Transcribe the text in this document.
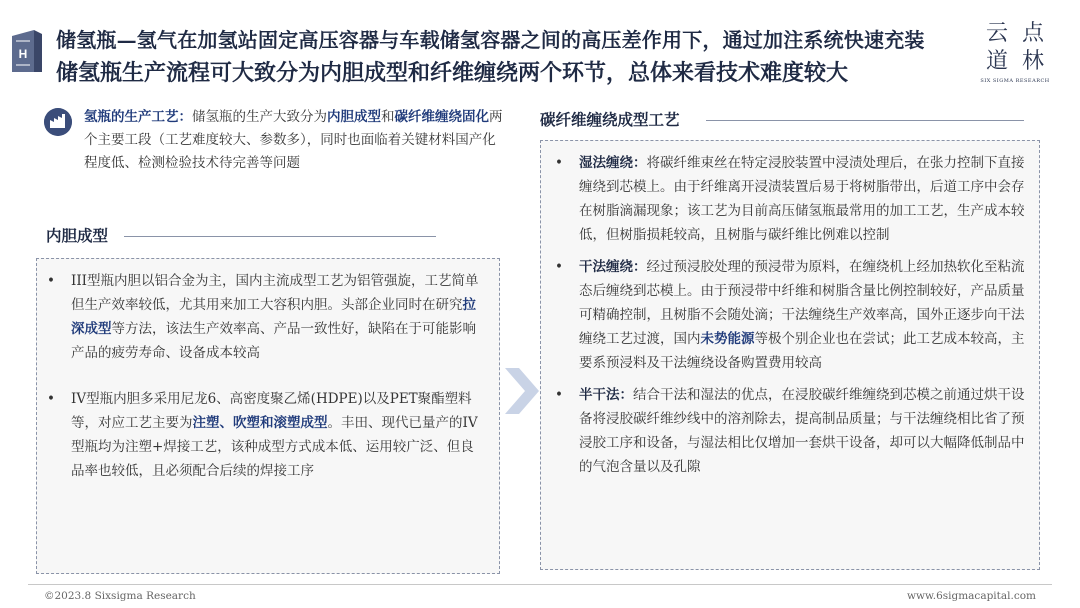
H
储氢瓶—氢气在加氢站固定高压容器与车载储氢容器之间的高压差作用下，通过加注系统快速充装
储氢瓶生产流程可大致分为内胆成型和纤维缠绕两个环节，总体来看技术难度较大
云点
道林
SIX SIGMA RESEARCH
氢瓶的生产工艺：储氢瓶的生产大致分为内胆成型和碳纤维缠绕固化两个主要工段（工艺难度较大、参数多），同时也面临着关键材料国产化程度低、检测检验技术待完善等问题
内胆成型
• III型瓶内胆以铝合金为主，国内主流成型工艺为铝管强旋，工艺简单但生产效率较低，尤其用来加工大容积内胆。头部企业同时在研究拉深成型等方法，该法生产效率高、产品一致性好，缺陷在于可能影响产品的疲劳寿命、设备成本较高
• IV型瓶内胆多采用尼龙6、高密度聚乙烯(HDPE)以及PET聚酯塑料等，对应工艺主要为注塑、吹塑和滚塑成型。丰田、现代已量产的IV型瓶均为注塑+焊接工艺，该种成型方式成本低、运用较广泛、但良品率也较低，且必须配合后续的焊接工序
碳纤维缠绕成型工艺
• 湿法缠绕：将碳纤维束丝在特定浸胶装置中浸渍处理后，在张力控制下直接缠绕到芯模上。由于纤维离开浸渍装置后易于将树脂带出，后道工序中会存在树脂滴漏现象；该工艺为目前高压储氢瓶最常用的加工工艺，生产成本较低，但树脂损耗较高，且树脂与碳纤维比例难以控制
• 干法缠绕：经过预浸胶处理的预浸带为原料，在缠绕机上经加热软化至粘流态后缠绕到芯模上。由于预浸带中纤维和树脂含量比例控制较好，产品质量可精确控制，且树脂不会随处滴；干法缠绕生产效率高，国外正逐步向干法缠绕工艺过渡，国内未势能源等极个别企业也在尝试；此工艺成本较高，主要系预浸料及干法缠绕设备购置费用较高
• 半干法：结合干法和湿法的优点，在浸胶碳纤维缠绕到芯模之前通过烘干设备将浸胶碳纤维纱线中的溶剂除去，提高制品质量；与干法缠绕相比省了预浸胶工序和设备，与湿法相比仅增加一套烘干设备，却可以大幅降低制品中的气泡含量以及孔隙
©2023.8 Sixsigma Research	www.6sigmacapital.com
